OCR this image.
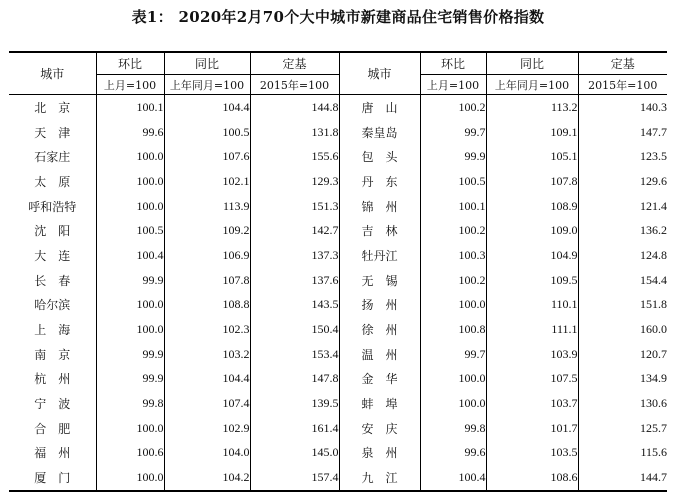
表1： 2020年2月70个大中城市新建商品住宅销售价格指数
城市	环比	同比	定基	城市	环比	同比	定基
	上月=100	上年同月=100	2015年=100		上月=100	上年同月=100	2015年=100
北　京	100.1	104.4	144.8	唐　山	100.2	113.2	140.3
天　津	99.6	100.5	131.8	秦皇岛	99.7	109.1	147.7
石家庄	100.0	107.6	155.6	包　头	99.9	105.1	123.5
太　原	100.0	102.1	129.3	丹　东	100.5	107.8	129.6
呼和浩特	100.0	113.9	151.3	锦　州	100.1	108.9	121.4
沈　阳	100.5	109.2	142.7	吉　林	100.2	109.0	136.2
大　连	100.4	106.9	137.3	牡丹江	100.3	104.9	124.8
长　春	99.9	107.8	137.6	无　锡	100.2	109.5	154.4
哈尔滨	100.0	108.8	143.5	扬　州	100.0	110.1	151.8
上　海	100.0	102.3	150.4	徐　州	100.8	111.1	160.0
南　京	99.9	103.2	153.4	温　州	99.7	103.9	120.7
杭　州	99.9	104.4	147.8	金　华	100.0	107.5	134.9
宁　波	99.8	107.4	139.5	蚌　埠	100.0	103.7	130.6
合　肥	100.0	102.9	161.4	安　庆	99.8	101.7	125.7
福　州	100.6	104.0	145.0	泉　州	99.6	103.5	115.6
厦　门	100.0	104.2	157.4	九　江	100.4	108.6	144.7
